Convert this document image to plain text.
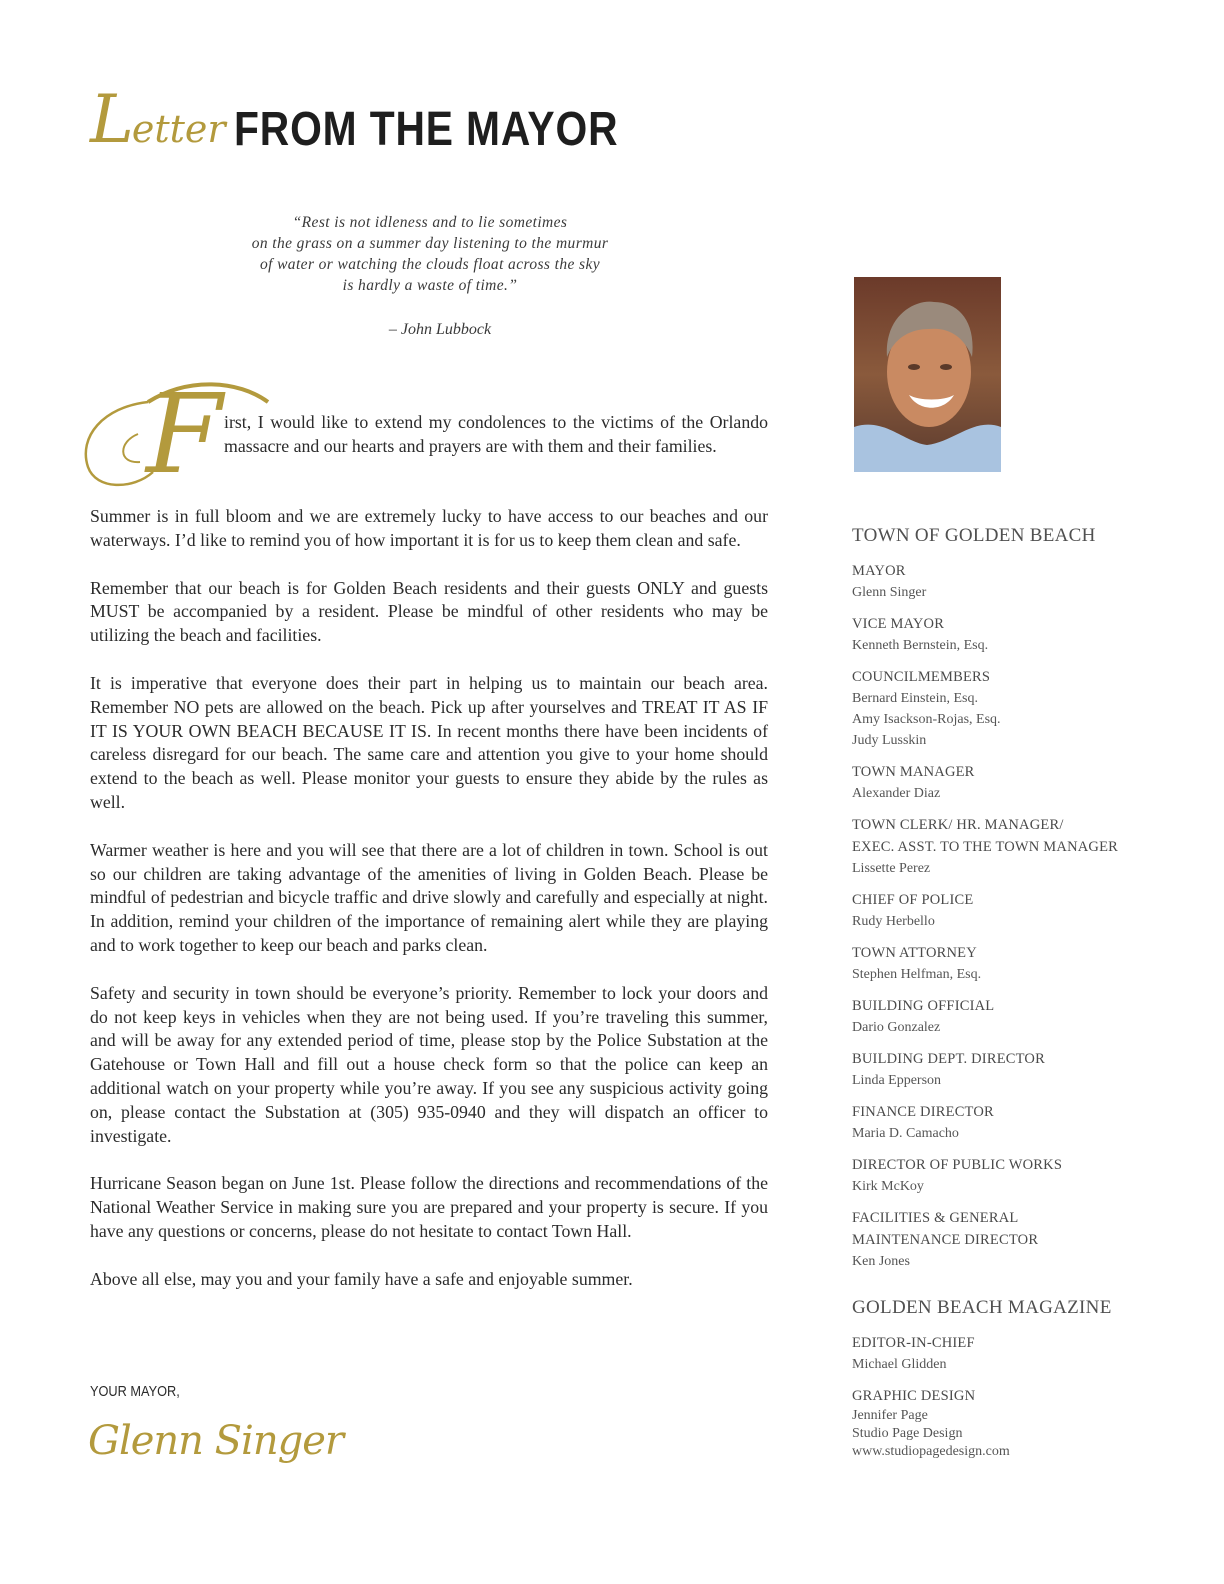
Letter FROM THE MAYOR
“Rest is not idleness and to lie sometimes
on the grass on a summer day listening to the murmur
of water or watching the clouds float across the sky
is hardly a waste of time.”
– John Lubbock
F irst, I would like to extend my condolences to the victims of the Orlando massacre and our hearts and prayers are with them and their families.

Summer is in full bloom and we are extremely lucky to have access to our beaches and our waterways. I’d like to remind you of how important it is for us to keep them clean and safe.

Remember that our beach is for Golden Beach residents and their guests ONLY and guests MUST be accompanied by a resident. Please be mindful of other residents who may be utilizing the beach and facilities.

It is imperative that everyone does their part in helping us to maintain our beach area. Remember NO pets are allowed on the beach. Pick up after yourselves and TREAT IT AS IF IT IS YOUR OWN BEACH BECAUSE IT IS. In recent months there have been incidents of careless disregard for our beach. The same care and attention you give to your home should extend to the beach as well. Please monitor your guests to ensure they abide by the rules as well.

Warmer weather is here and you will see that there are a lot of children in town. School is out so our children are taking advantage of the amenities of living in Golden Beach. Please be mindful of pedestrian and bicycle traffic and drive slowly and carefully and especially at night. In addition, remind your children of the importance of remaining alert while they are playing and to work together to keep our beach and parks clean.

Safety and security in town should be everyone’s priority. Remember to lock your doors and do not keep keys in vehicles when they are not being used. If you’re traveling this summer, and will be away for any extended period of time, please stop by the Police Substation at the Gatehouse or Town Hall and fill out a house check form so that the police can keep an additional watch on your property while you’re away. If you see any suspicious activity going on, please contact the Substation at (305) 935-0940 and they will dispatch an officer to investigate.

Hurricane Season began on June 1st. Please follow the directions and recommendations of the National Weather Service in making sure you are prepared and your property is secure. If you have any questions or concerns, please do not hesitate to contact Town Hall.

Above all else, may you and your family have a safe and enjoyable summer.

YOUR MAYOR,
Glenn Singer
TOWN OF GOLDEN BEACH
MAYOR
Glenn Singer
VICE MAYOR
Kenneth Bernstein, Esq.
COUNCILMEMBERS
Bernard Einstein, Esq.
Amy Isackson-Rojas, Esq.
Judy Lusskin
TOWN MANAGER
Alexander Diaz
TOWN CLERK/ HR. MANAGER/
EXEC. ASST. TO THE TOWN MANAGER
Lissette Perez
CHIEF OF POLICE
Rudy Herbello
TOWN ATTORNEY
Stephen Helfman, Esq.
BUILDING OFFICIAL
Dario Gonzalez
BUILDING DEPT. DIRECTOR
Linda Epperson
FINANCE DIRECTOR
Maria D. Camacho
DIRECTOR OF PUBLIC WORKS
Kirk McKoy
FACILITIES & GENERAL
MAINTENANCE DIRECTOR
Ken Jones
GOLDEN BEACH MAGAZINE
EDITOR-IN-CHIEF
Michael Glidden
GRAPHIC DESIGN
Jennifer Page
Studio Page Design
www.studiopagedesign.com
